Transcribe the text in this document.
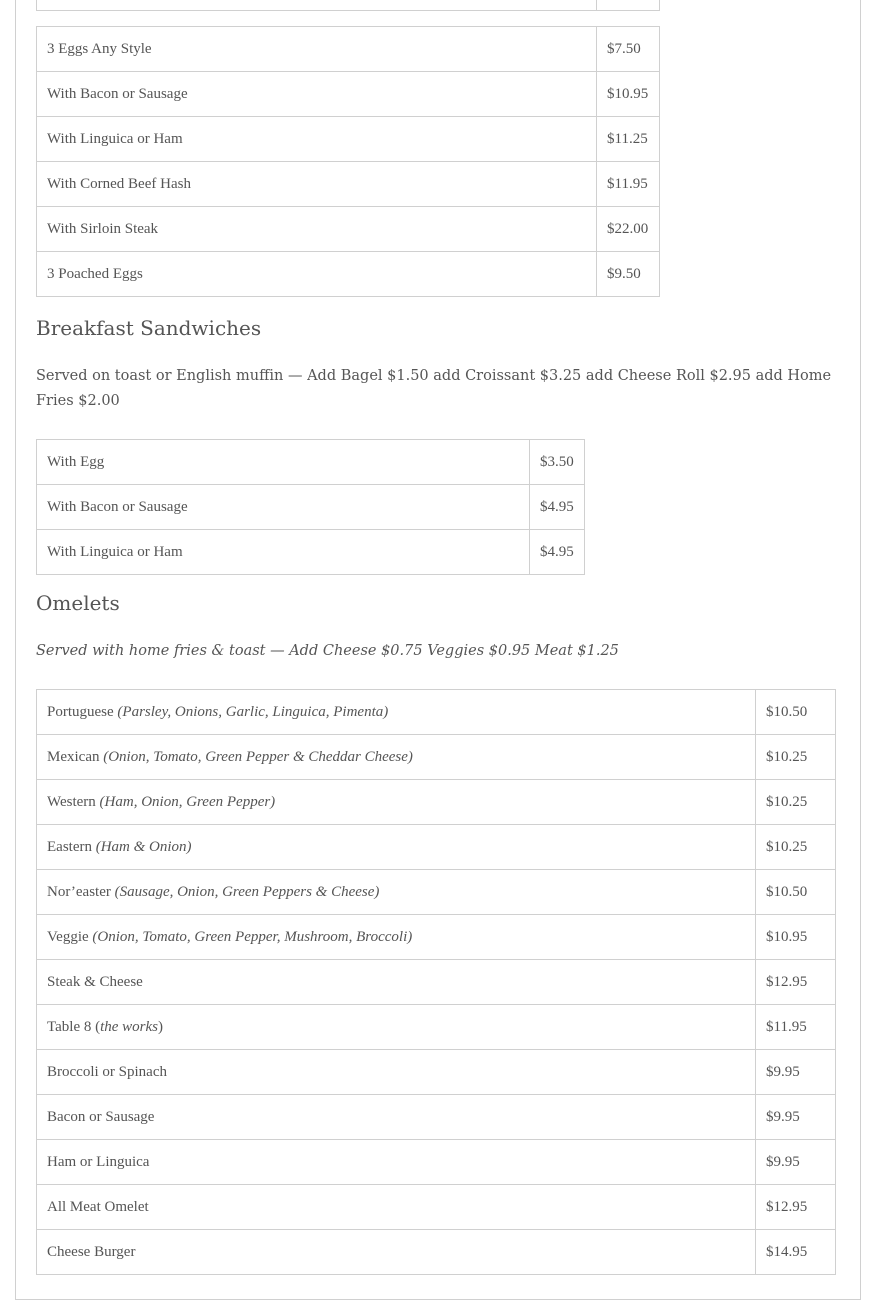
3 Eggs Any Style	$7.50
With Bacon or Sausage	$10.95
With Linguica or Ham	$11.25
With Corned Beef Hash	$11.95
With Sirloin Steak	$22.00
3 Poached Eggs	$9.50
Breakfast Sandwiches

Served on toast or English muffin — Add Bagel $1.50 add Croissant $3.25 add Cheese Roll $2.95 add Home Fries $2.00

With Egg	$3.50
With Bacon or Sausage	$4.95
With Linguica or Ham	$4.95
Omelets

Served with home fries & toast — Add Cheese $0.75 Veggies $0.95 Meat $1.25

Portuguese (Parsley, Onions, Garlic, Linguica, Pimenta)	$10.50
Mexican (Onion, Tomato, Green Pepper & Cheddar Cheese)	$10.25
Western (Ham, Onion, Green Pepper)	$10.25
Eastern (Ham & Onion)	$10.25
Nor’easter (Sausage, Onion, Green Peppers & Cheese)	$10.50
Veggie (Onion, Tomato, Green Pepper, Mushroom, Broccoli)	$10.95
Steak & Cheese	$12.95
Table 8 (the works)	$11.95
Broccoli or Spinach	$9.95
Bacon or Sausage	$9.95
Ham or Linguica	$9.95
All Meat Omelet	$12.95
Cheese Burger	$14.95
